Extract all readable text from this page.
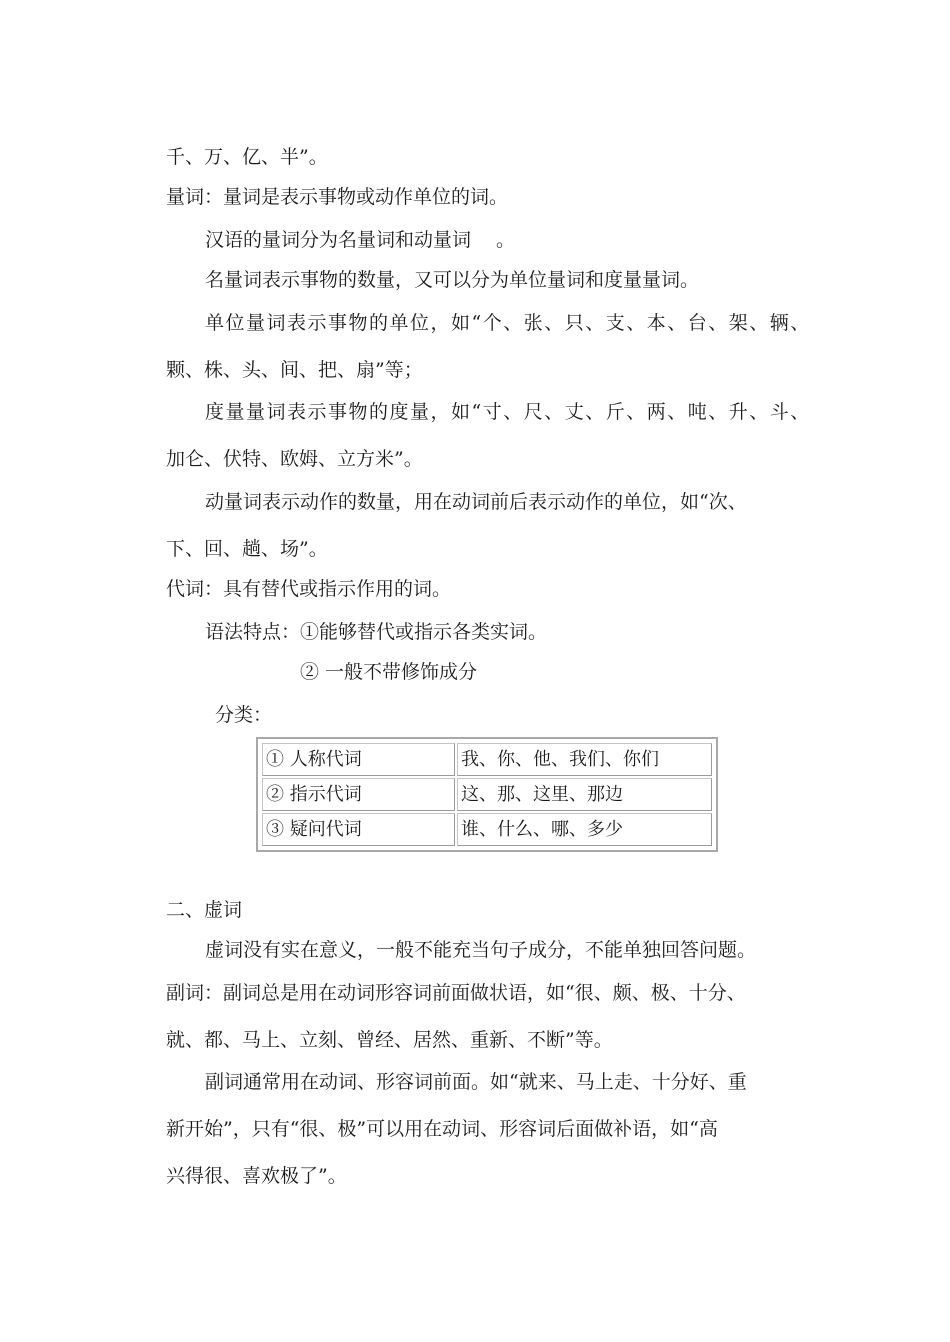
千、万、亿、半”。

量词：量词是表示事物或动作单位的词。

汉语的量词分为名量词和动量词　 。

名量词表示事物的数量，又可以分为单位量词和度量量词。

单位量词表示事物的单位，如“个、张、只、支、本、台、架、辆、

颗、株、头、间、把、扇”等；

度量量词表示事物的度量，如“寸、尺、丈、斤、两、吨、升、斗、

加仑、伏特、欧姆、立方米”。

动量词表示动作的数量，用在动词前后表示动作的单位，如“次、

下、回、趟、场”。

代词：具有替代或指示作用的词。

语法特点：①能够替代或指示各类实词。

② 一般不带修饰成分

分类：

① 人称代词	我、你、他、我们、你们
② 指示代词	这、那、这里、那边
③ 疑问代词	谁、什么、哪、多少

二、虚词

虚词没有实在意义，一般不能充当句子成分，不能单独回答问题。

副词：副词总是用在动词形容词前面做状语，如“很、颇、极、十分、

就、都、马上、立刻、曾经、居然、重新、不断”等。

副词通常用在动词、形容词前面。如“就来、马上走、十分好、重

新开始”，只有“很、极”可以用在动词、形容词后面做补语，如“高

兴得很、喜欢极了”。
